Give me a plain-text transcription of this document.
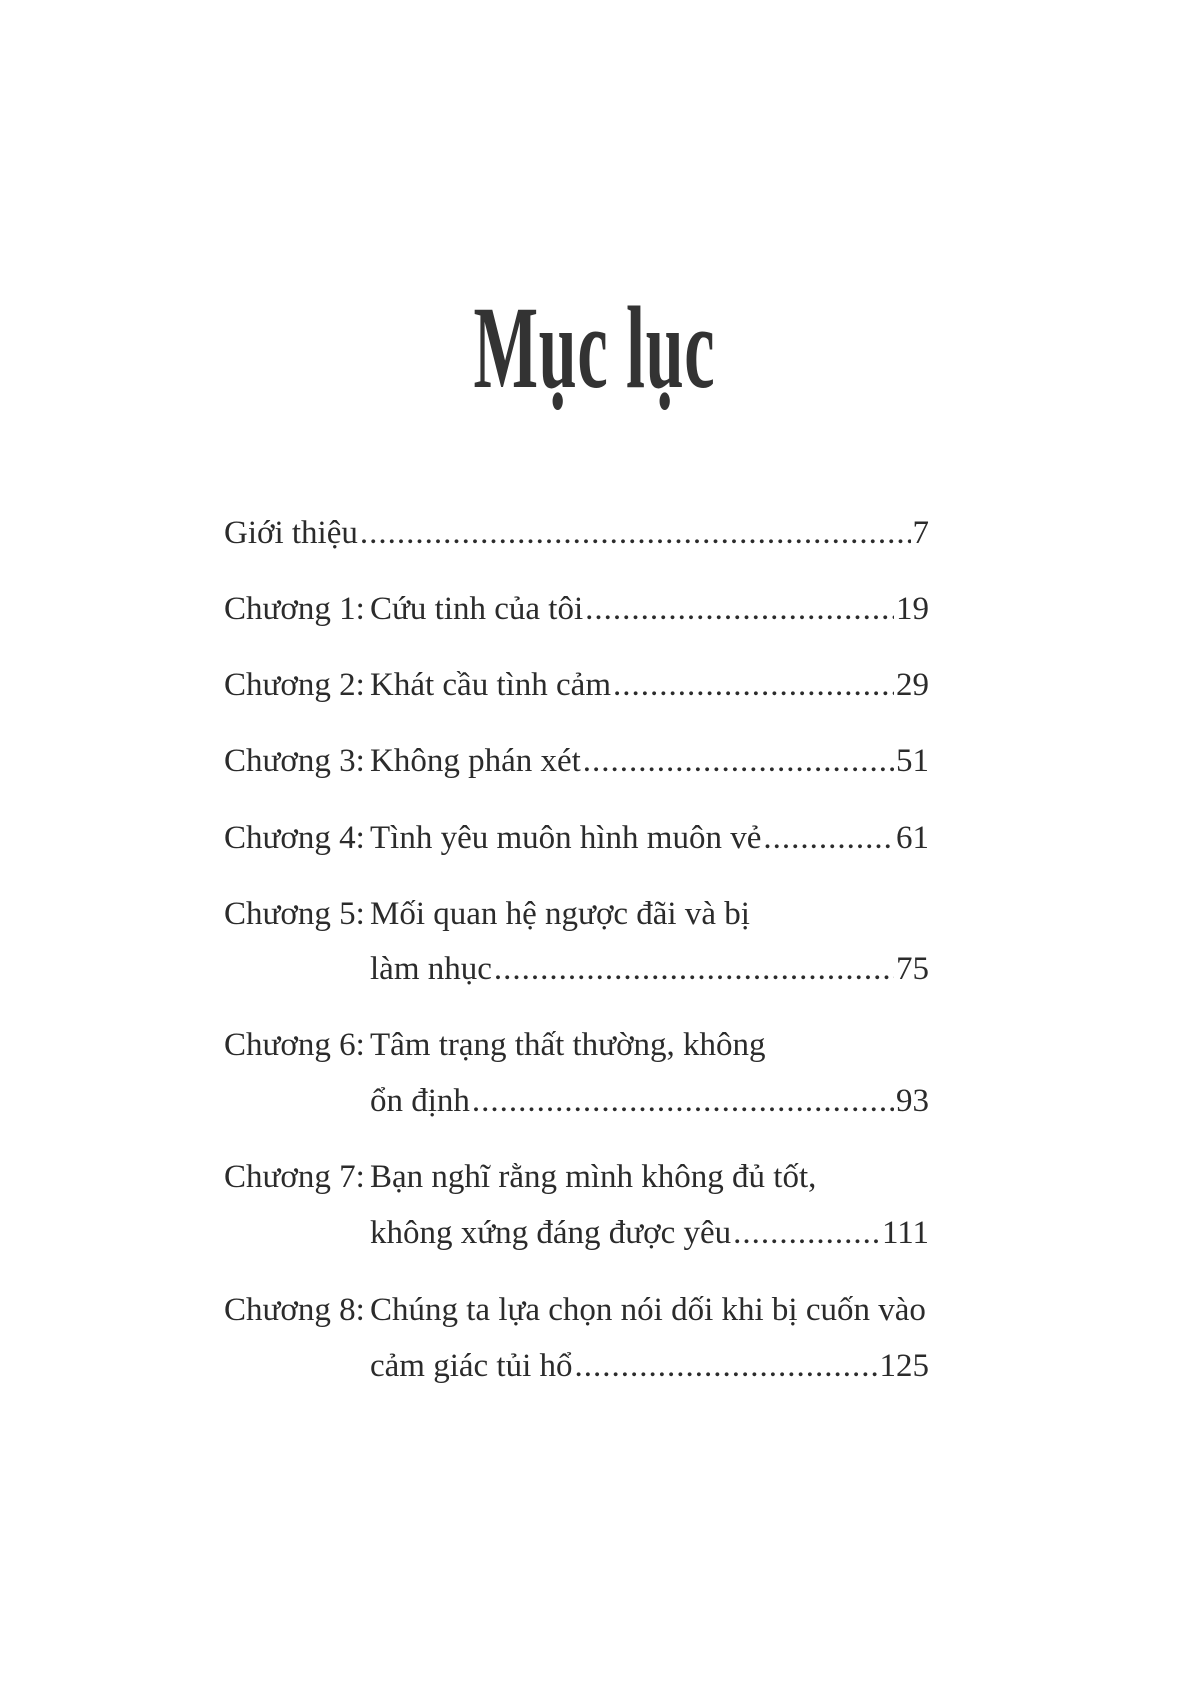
Mục lục
Giới thiệu .....	7
Chương 1: Cứu tinh của tôi .....	19
Chương 2: Khát cầu tình cảm .....	29
Chương 3: Không phán xét .....	51
Chương 4: Tình yêu muôn hình muôn vẻ .....	61
Chương 5: Mối quan hệ ngược đãi và bị
làm nhục .....	75
Chương 6: Tâm trạng thất thường, không
ổn định .....	93
Chương 7: Bạn nghĩ rằng mình không đủ tốt,
không xứng đáng được yêu .....	111
Chương 8: Chúng ta lựa chọn nói dối khi bị cuốn vào
cảm giác tủi hổ .....	125
